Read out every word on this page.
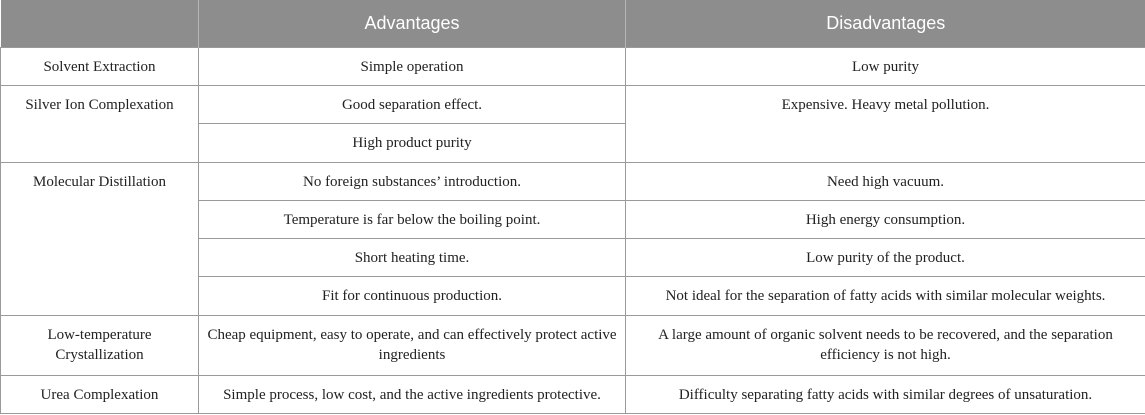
	Advantages	Disadvantages
Solvent Extraction	Simple operation	Low purity
Silver Ion Complexation	Good separation effect.	Expensive. Heavy metal pollution.
	High product purity	
Molecular Distillation	No foreign substances’ introduction.	Need high vacuum.
	Temperature is far below the boiling point.	High energy consumption.
	Short heating time.	Low purity of the product.
	Fit for continuous production.	Not ideal for the separation of fatty acids with similar molecular weights.
Low-temperature Crystallization	Cheap equipment, easy to operate, and can effectively protect active ingredients	A large amount of organic solvent needs to be recovered, and the separation efficiency is not high.
Urea Complexation	Simple process, low cost, and the active ingredients protective.	Difficulty separating fatty acids with similar degrees of unsaturation.
